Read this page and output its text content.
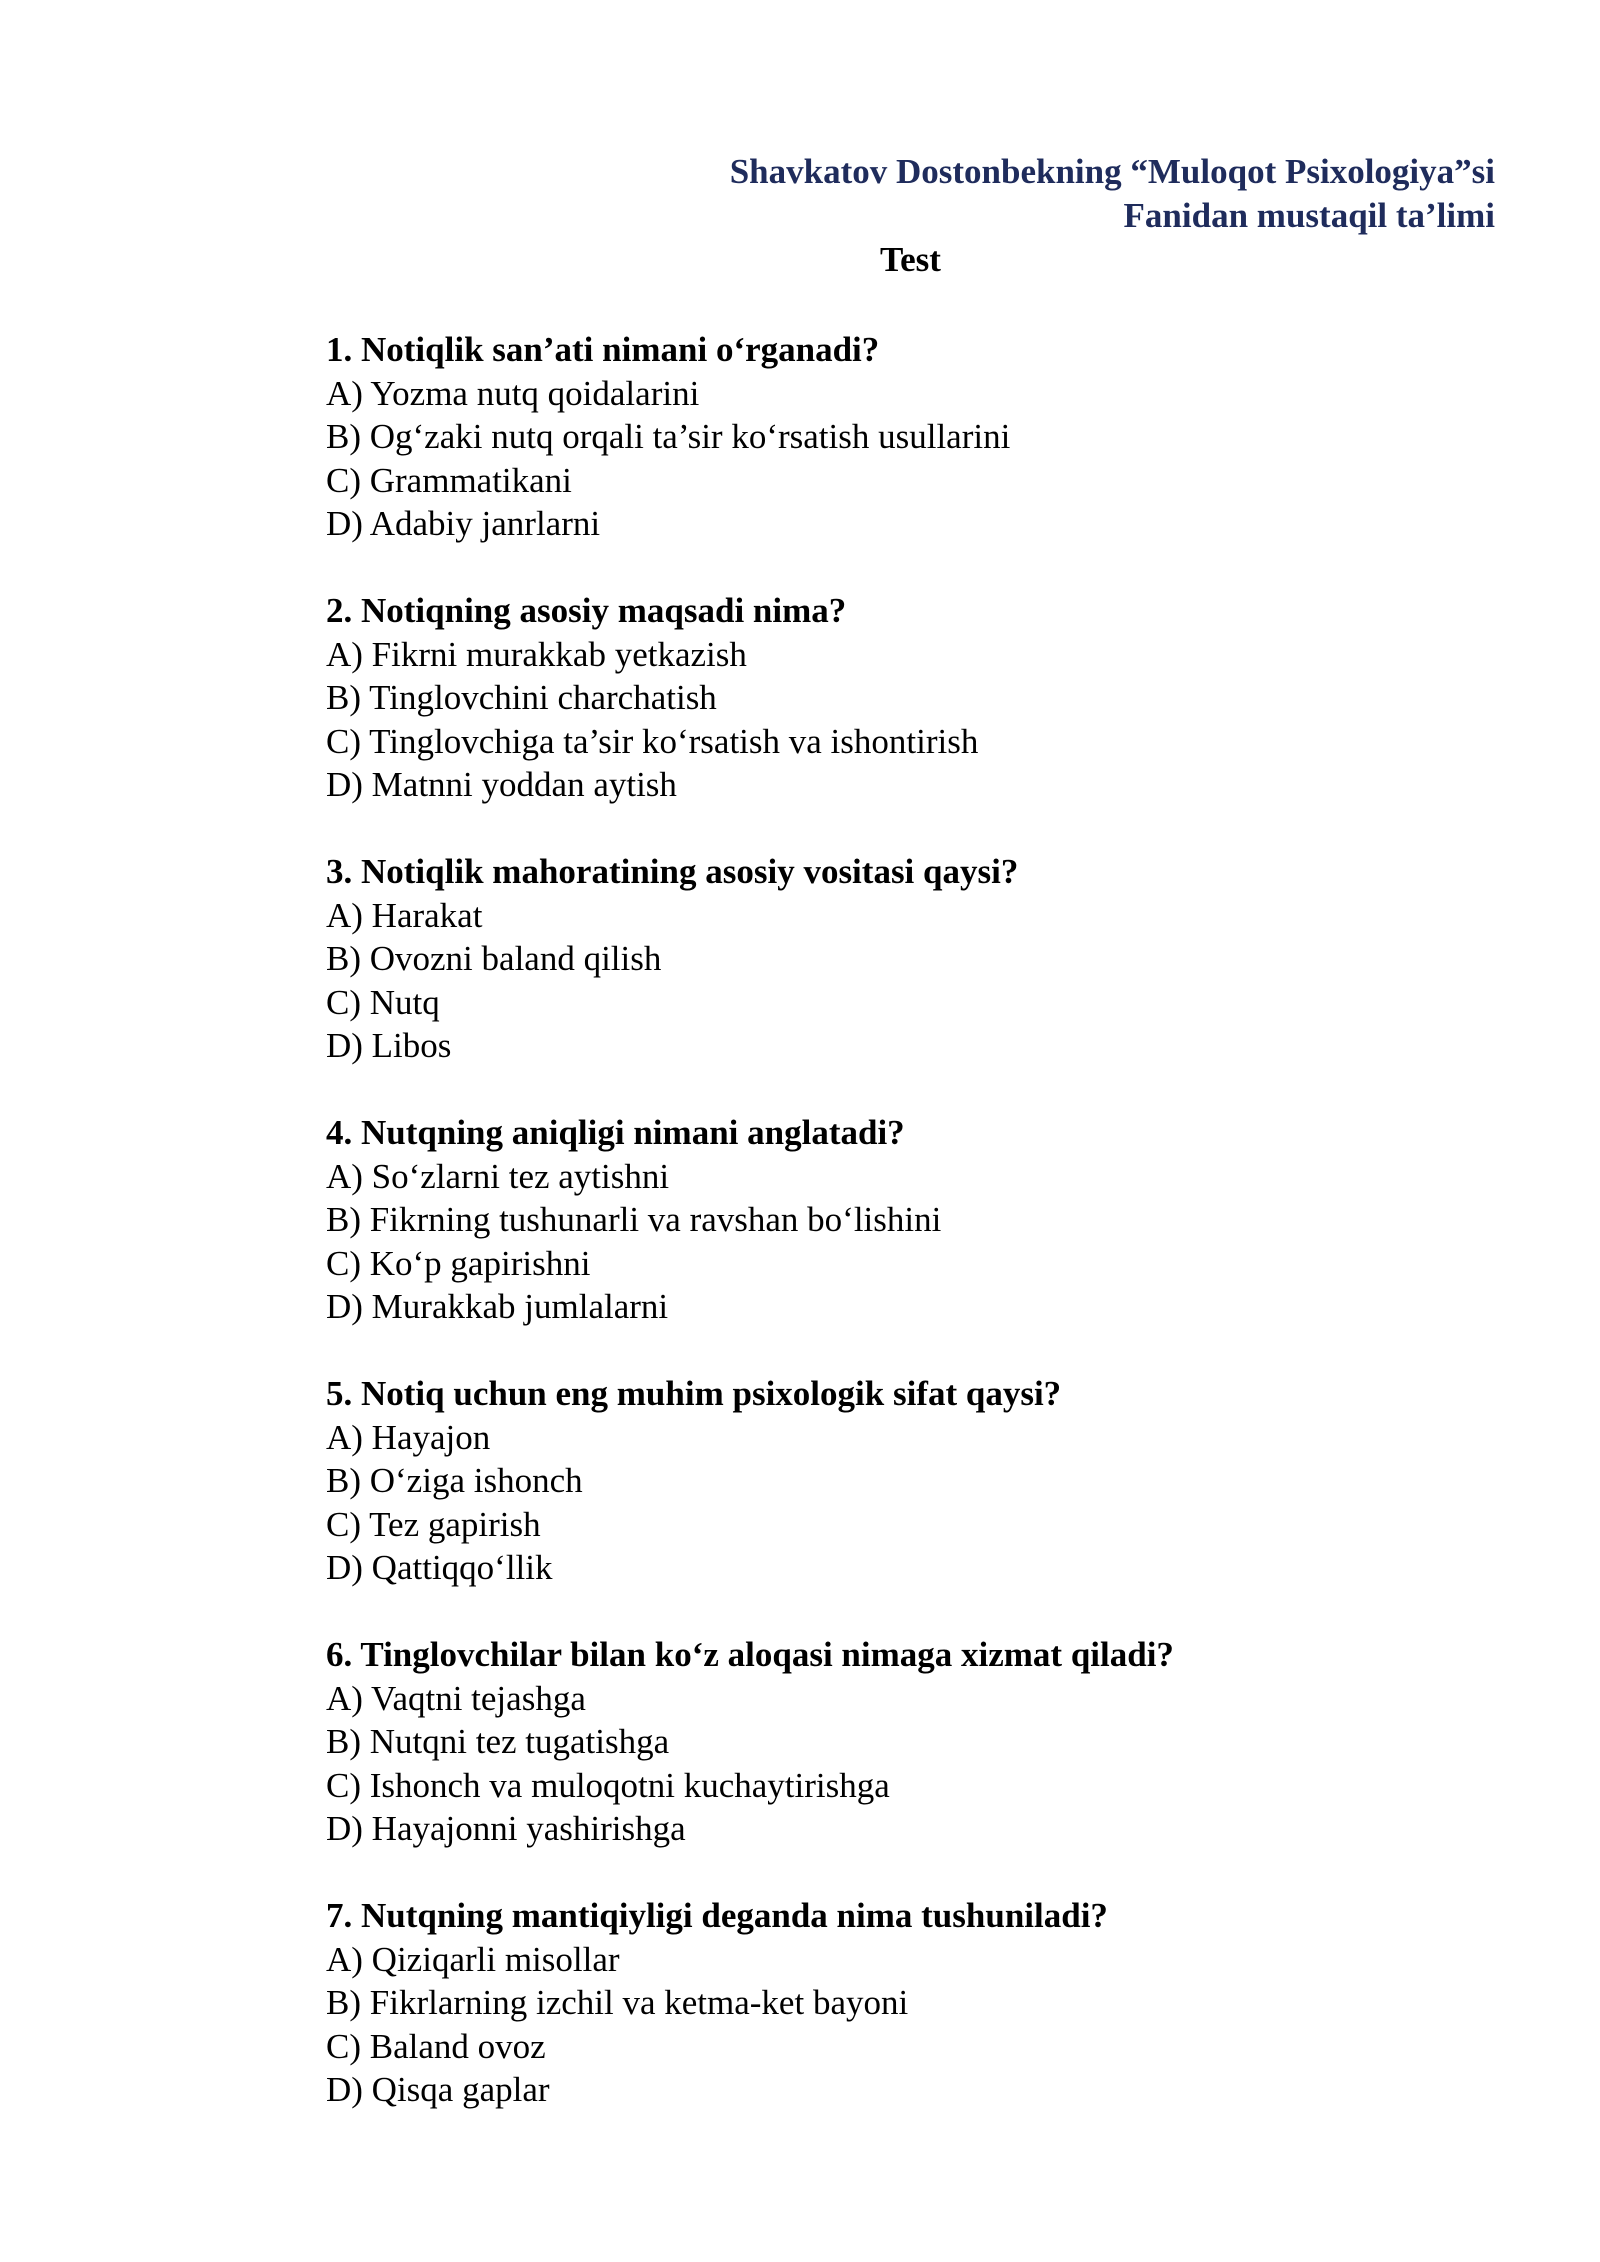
Shavkatov Dostonbekning “Muloqot Psixologiya”si
Fanidan mustaqil ta’limi
Test
1. Notiqlik san’ati nimani o‘rganadi?
A) Yozma nutq qoidalarini
B) Og‘zaki nutq orqali ta’sir ko‘rsatish usullarini
C) Grammatikani
D) Adabiy janrlarni
2. Notiqning asosiy maqsadi nima?
A) Fikrni murakkab yetkazish
B) Tinglovchini charchatish
C) Tinglovchiga ta’sir ko‘rsatish va ishontirish
D) Matnni yoddan aytish
3. Notiqlik mahoratining asosiy vositasi qaysi?
A) Harakat
B) Ovozni baland qilish
C) Nutq
D) Libos
4. Nutqning aniqligi nimani anglatadi?
A) So‘zlarni tez aytishni
B) Fikrning tushunarli va ravshan bo‘lishini
C) Ko‘p gapirishni
D) Murakkab jumlalarni
5. Notiq uchun eng muhim psixologik sifat qaysi?
A) Hayajon
B) O‘ziga ishonch
C) Tez gapirish
D) Qattiqqo‘llik
6. Tinglovchilar bilan ko‘z aloqasi nimaga xizmat qiladi?
A) Vaqtni tejashga
B) Nutqni tez tugatishga
C) Ishonch va muloqotni kuchaytirishga
D) Hayajonni yashirishga
7. Nutqning mantiqiyligi deganda nima tushuniladi?
A) Qiziqarli misollar
B) Fikrlarning izchil va ketma-ket bayoni
C) Baland ovoz
D) Qisqa gaplar
